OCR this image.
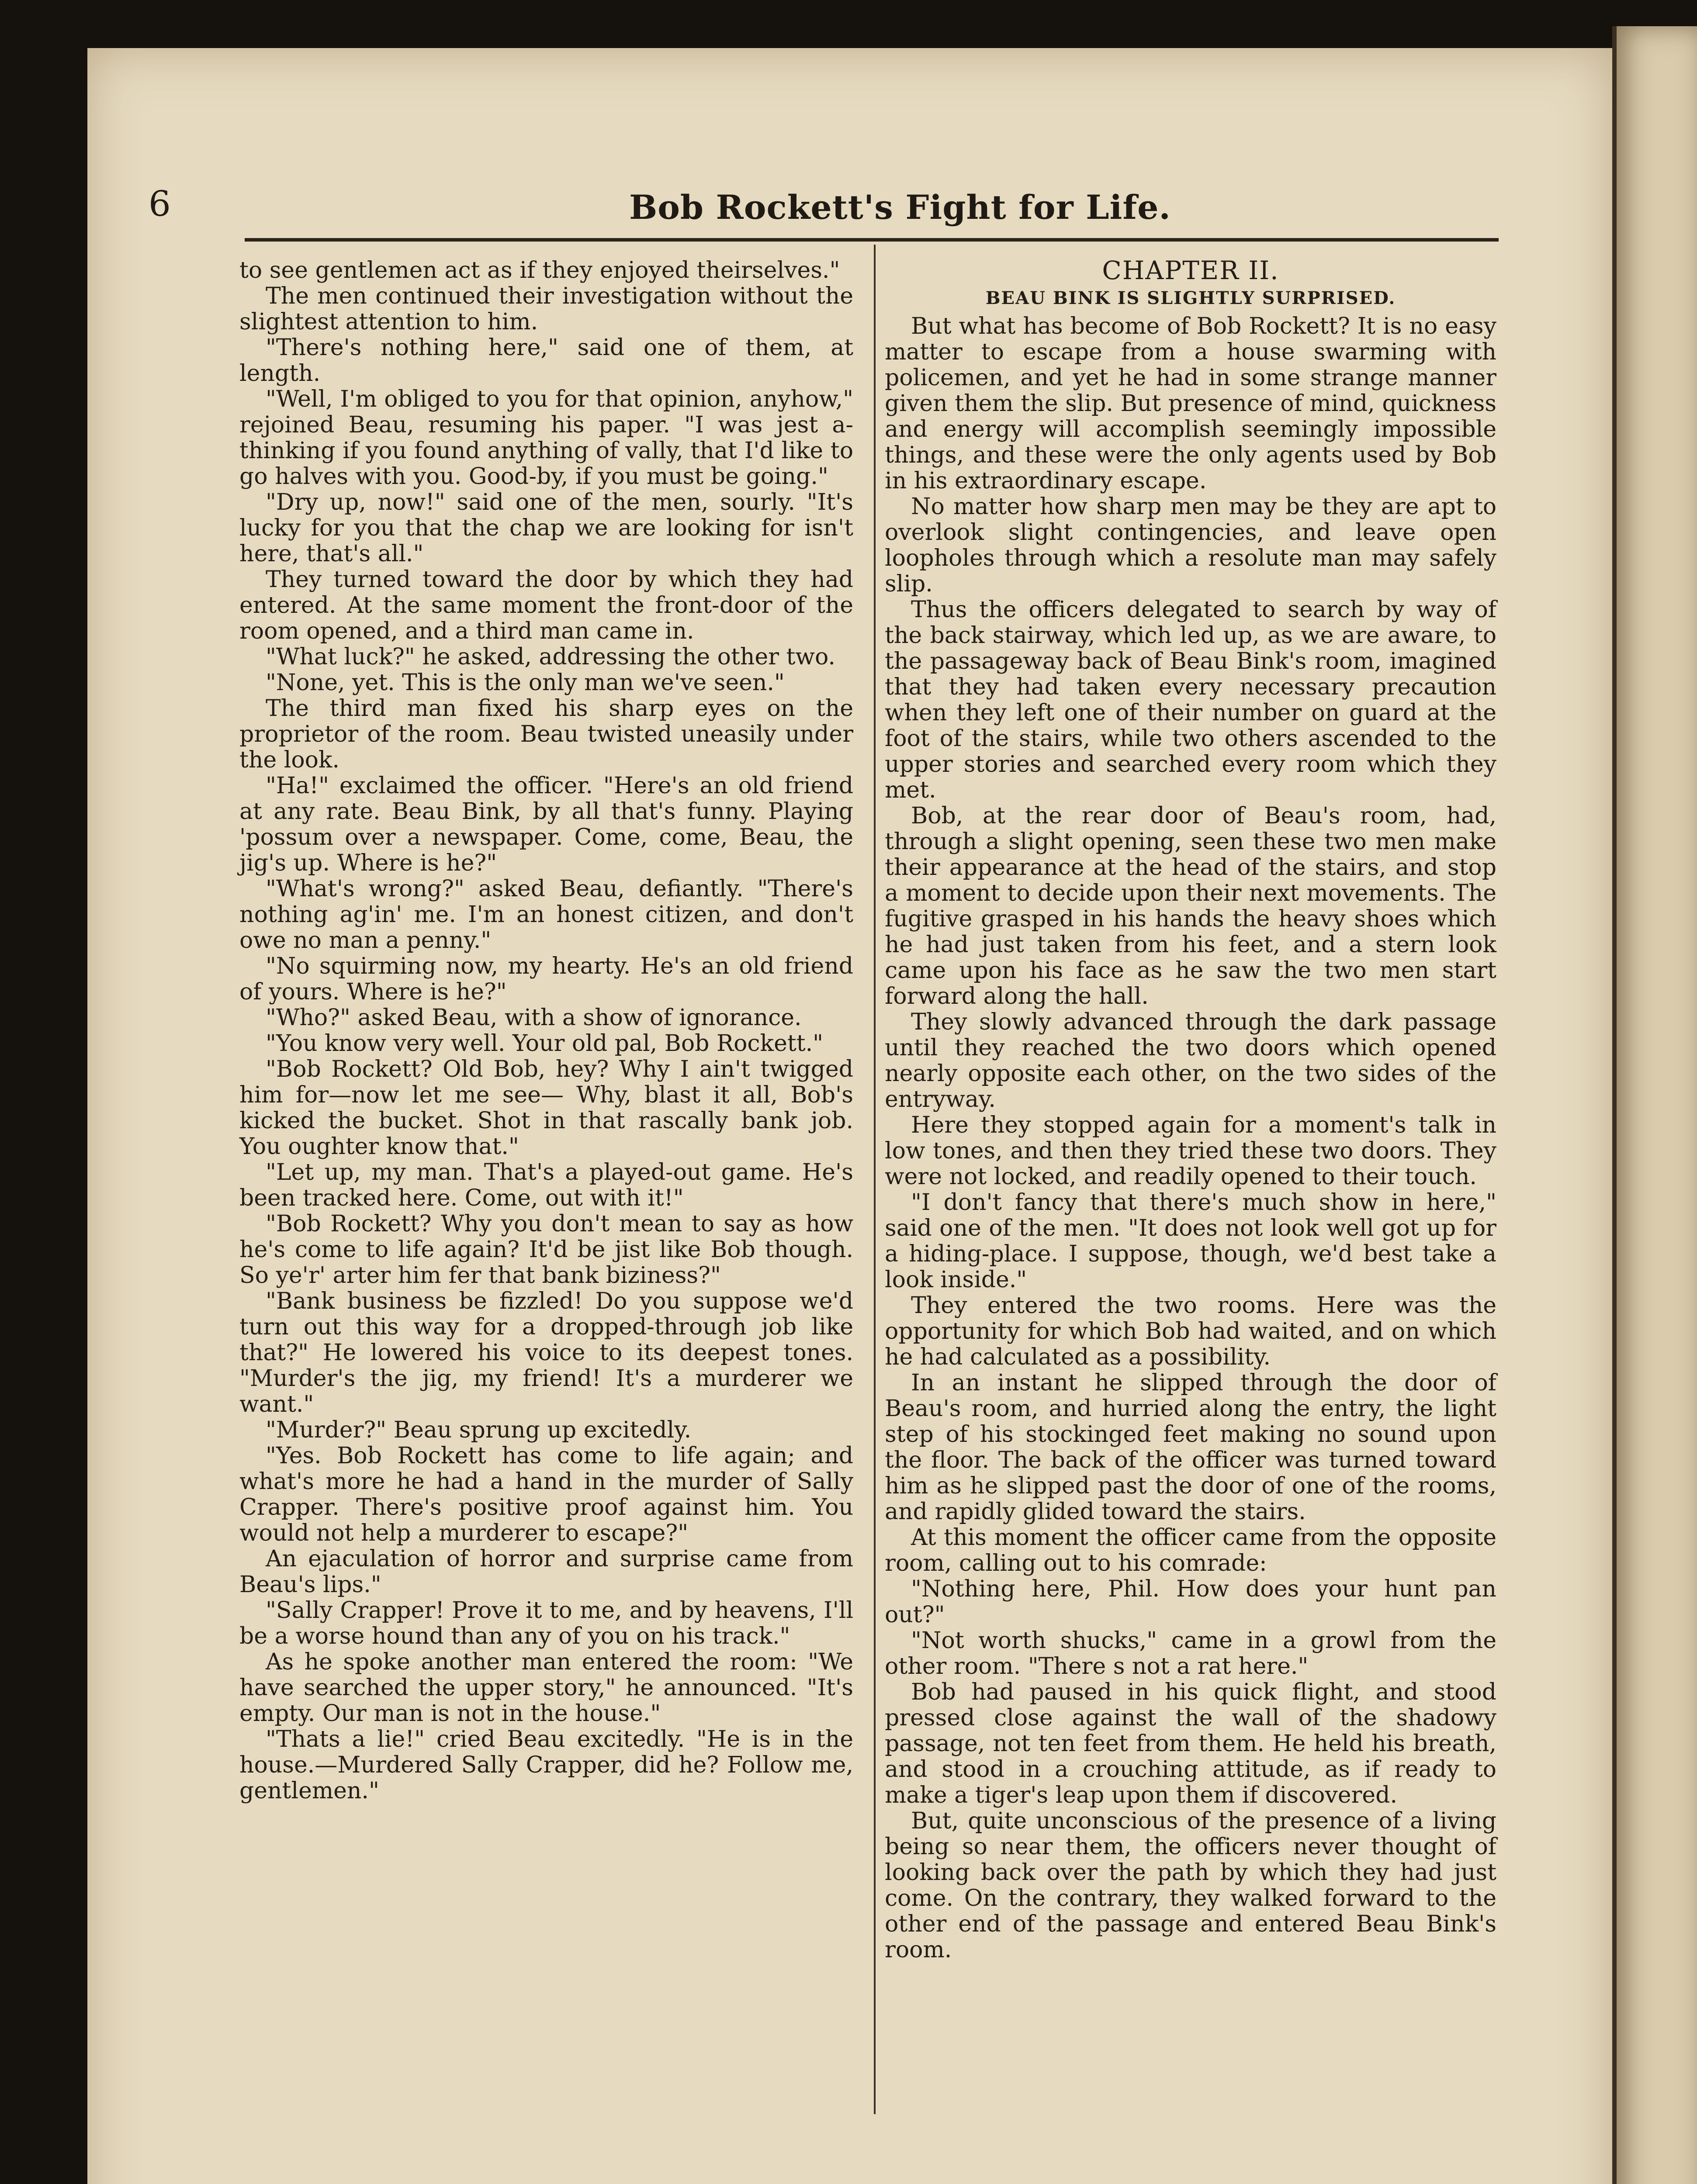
6	Bob Rockett's Fight for Life.

to see gentlemen act as if they enjoyed theirselves."

The men continued their investigation without the slightest attention to him.

"There's nothing here," said one of them, at length.

"Well, I'm obliged to you for that opinion, anyhow," rejoined Beau, resuming his paper. "I was jest a-thinking if you found anything of vally, that I'd like to go halves with you. Good-by, if you must be going."

"Dry up, now!" said one of the men, sourly. "It's lucky for you that the chap we are looking for isn't here, that's all."

They turned toward the door by which they had entered. At the same moment the front-door of the room opened, and a third man came in.

"What luck?" he asked, addressing the other two.

"None, yet. This is the only man we've seen."

The third man fixed his sharp eyes on the proprietor of the room. Beau twisted uneasily under the look.

"Ha!" exclaimed the officer. "Here's an old friend at any rate. Beau Bink, by all that's funny. Playing 'possum over a newspaper. Come, come, Beau, the jig's up. Where is he?"

"What's wrong?" asked Beau, defiantly. "There's nothing ag'in' me. I'm an honest citizen, and don't owe no man a penny."

"No squirming now, my hearty. He's an old friend of yours. Where is he?"

"Who?" asked Beau, with a show of ignorance.

"You know very well. Your old pal, Bob Rockett."

"Bob Rockett? Old Bob, hey? Why I ain't twigged him for—now let me see— Why, blast it all, Bob's kicked the bucket. Shot in that rascally bank job. You oughter know that."

"Let up, my man. That's a played-out game. He's been tracked here. Come, out with it!"

"Bob Rockett? Why you don't mean to say as how he's come to life again? It'd be jist like Bob though. So ye'r' arter him fer that bank biziness?"

"Bank business be fizzled! Do you suppose we'd turn out this way for a dropped-through job like that?" He lowered his voice to its deepest tones. "Murder's the jig, my friend! It's a murderer we want."

"Murder?" Beau sprung up excitedly.

"Yes. Bob Rockett has come to life again; and what's more he had a hand in the murder of Sally Crapper. There's positive proof against him. You would not help a murderer to escape?"

An ejaculation of horror and surprise came from Beau's lips."

"Sally Crapper! Prove it to me, and by heavens, I'll be a worse hound than any of you on his track."

As he spoke another man entered the room: "We have searched the upper story," he announced. "It's empty. Our man is not in the house."

"Thats a lie!" cried Beau excitedly. "He is in the house.—Murdered Sally Crapper, did he? Follow me, gentlemen."

CHAPTER II.
BEAU BINK IS SLIGHTLY SURPRISED.

But what has become of Bob Rockett? It is no easy matter to escape from a house swarming with policemen, and yet he had in some strange manner given them the slip. But presence of mind, quickness and energy will accomplish seemingly impossible things, and these were the only agents used by Bob in his extraordinary escape.

No matter how sharp men may be they are apt to overlook slight contingencies, and leave open loopholes through which a resolute man may safely slip.

Thus the officers delegated to search by way of the back stairway, which led up, as we are aware, to the passageway back of Beau Bink's room, imagined that they had taken every necessary precaution when they left one of their number on guard at the foot of the stairs, while two others ascended to the upper stories and searched every room which they met.

Bob, at the rear door of Beau's room, had, through a slight opening, seen these two men make their appearance at the head of the stairs, and stop a moment to decide upon their next movements. The fugitive grasped in his hands the heavy shoes which he had just taken from his feet, and a stern look came upon his face as he saw the two men start forward along the hall.

They slowly advanced through the dark passage until they reached the two doors which opened nearly opposite each other, on the two sides of the entryway.

Here they stopped again for a moment's talk in low tones, and then they tried these two doors. They were not locked, and readily opened to their touch.

"I don't fancy that there's much show in here," said one of the men. "It does not look well got up for a hiding-place. I suppose, though, we'd best take a look inside."

They entered the two rooms. Here was the opportunity for which Bob had waited, and on which he had calculated as a possibility.

In an instant he slipped through the door of Beau's room, and hurried along the entry, the light step of his stockinged feet making no sound upon the floor. The back of the officer was turned toward him as he slipped past the door of one of the rooms, and rapidly glided toward the stairs.

At this moment the officer came from the opposite room, calling out to his comrade:

"Nothing here, Phil. How does your hunt pan out?"

"Not worth shucks," came in a growl from the other room. "There s not a rat here."

Bob had paused in his quick flight, and stood pressed close against the wall of the shadowy passage, not ten feet from them. He held his breath, and stood in a crouching attitude, as if ready to make a tiger's leap upon them if discovered.

But, quite unconscious of the presence of a living being so near them, the officers never thought of looking back over the path by which they had just come. On the contrary, they walked forward to the other end of the passage and entered Beau Bink's room.
